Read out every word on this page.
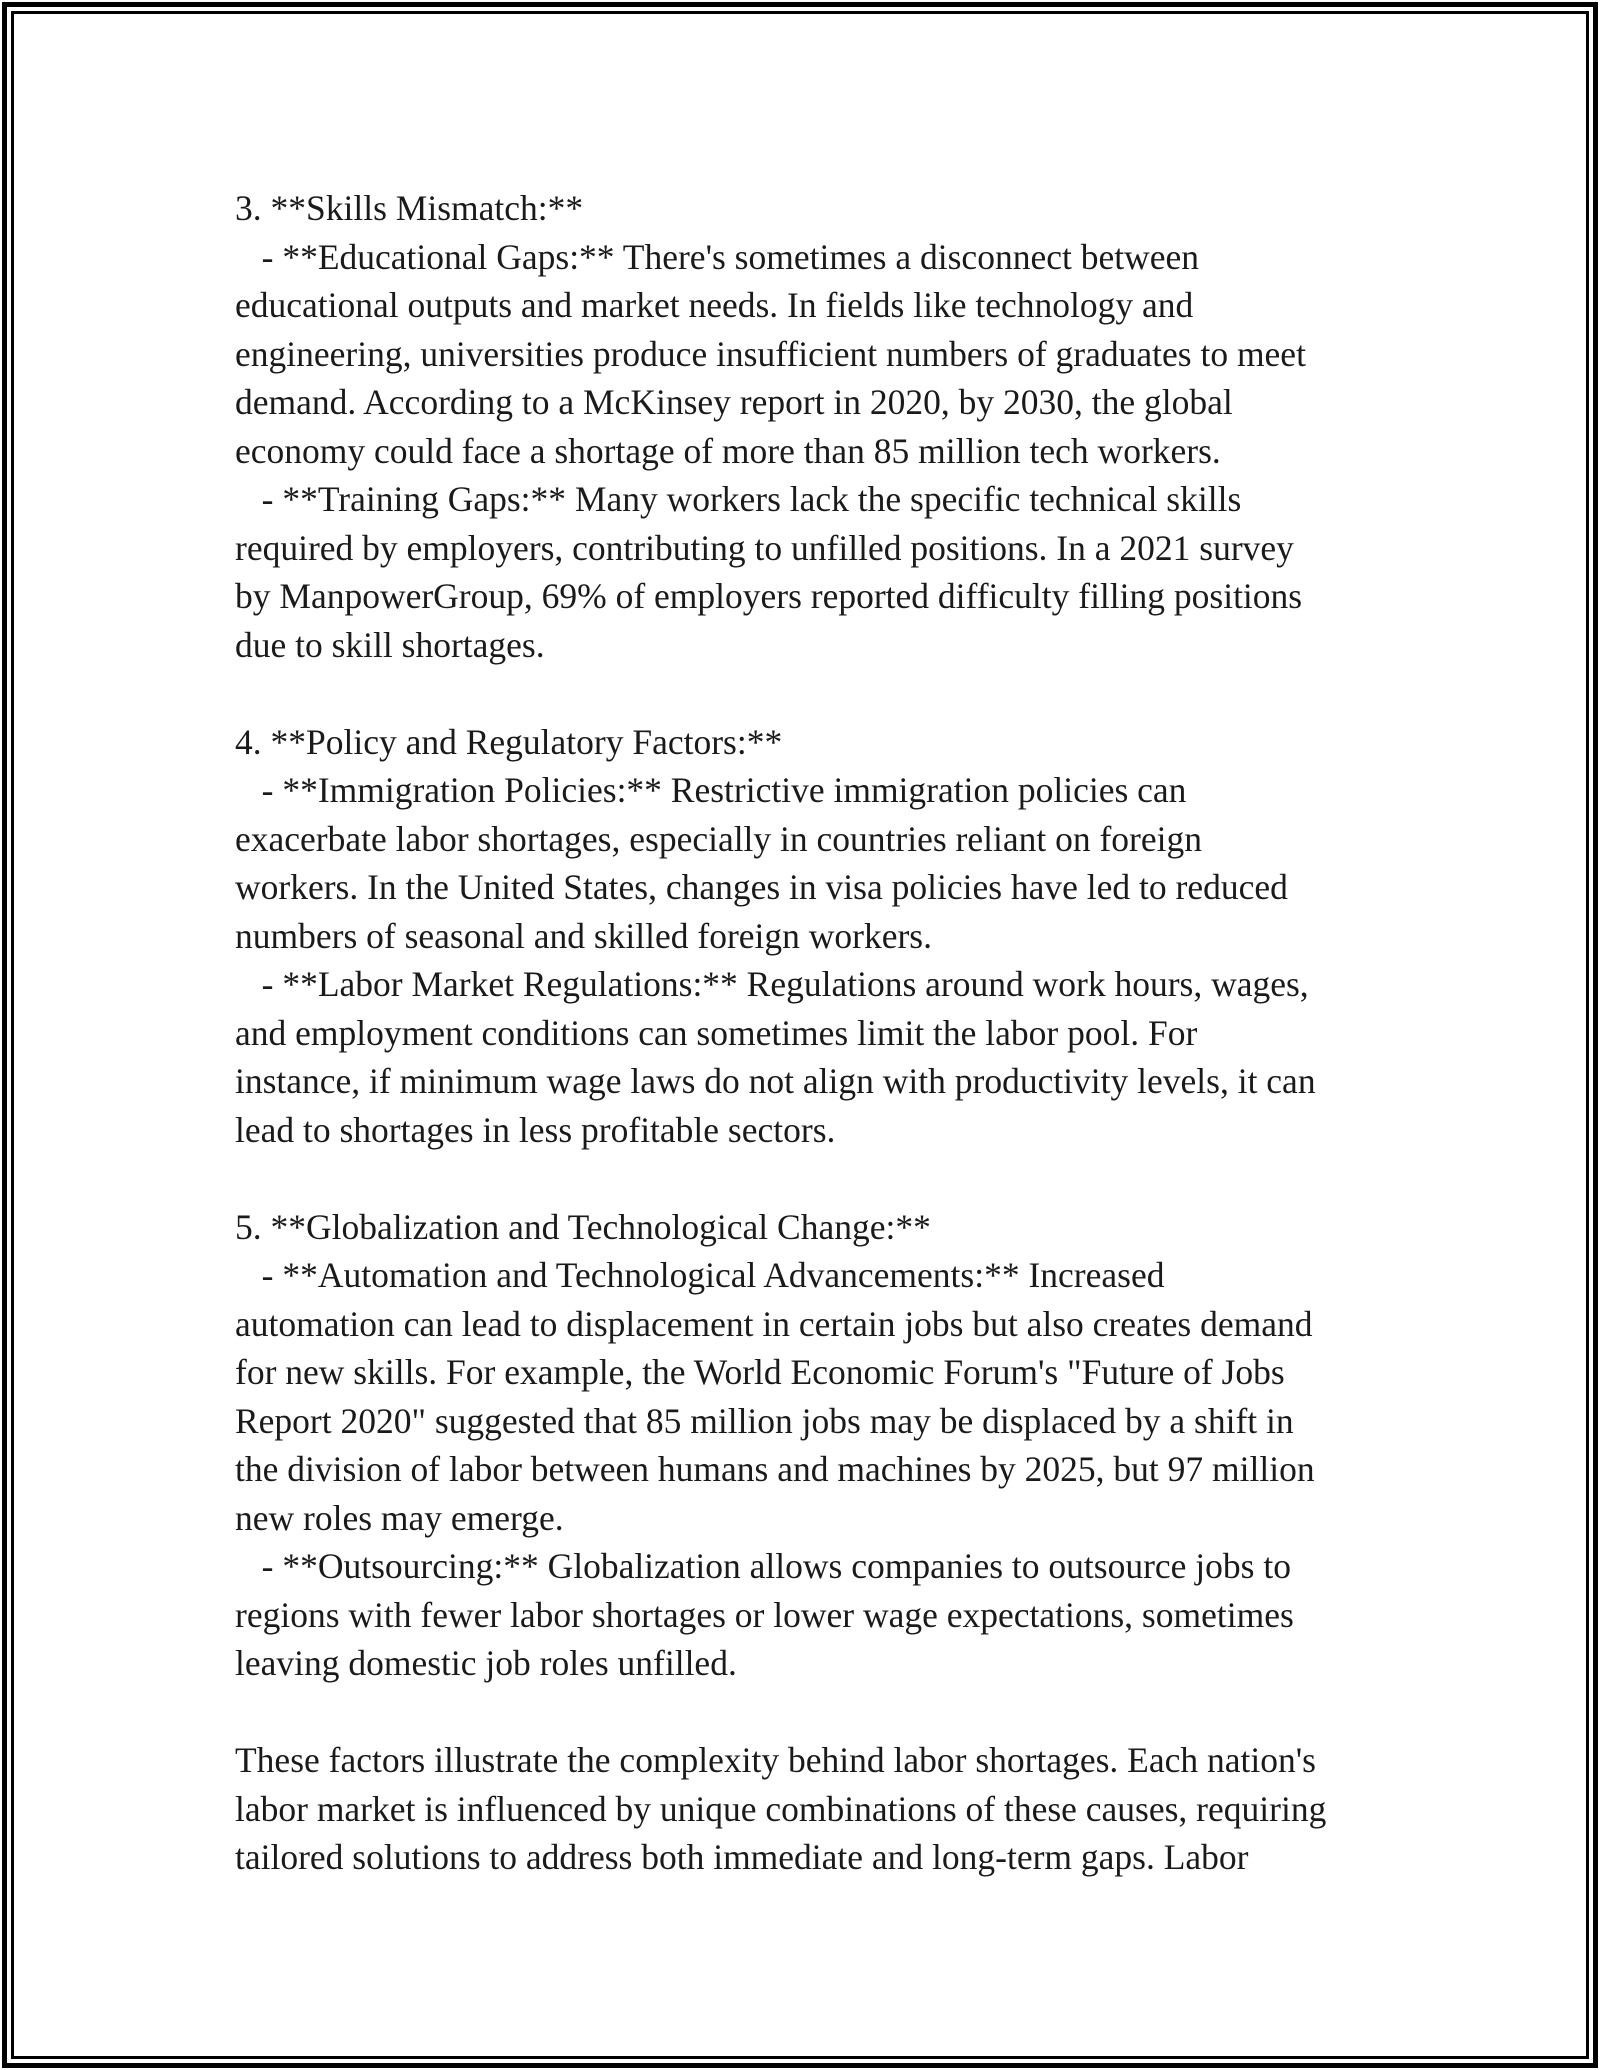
3. **Skills Mismatch:**
- **Educational Gaps:** There's sometimes a disconnect between
educational outputs and market needs. In fields like technology and
engineering, universities produce insufficient numbers of graduates to meet
demand. According to a McKinsey report in 2020, by 2030, the global
economy could face a shortage of more than 85 million tech workers.
- **Training Gaps:** Many workers lack the specific technical skills
required by employers, contributing to unfilled positions. In a 2021 survey
by ManpowerGroup, 69% of employers reported difficulty filling positions
due to skill shortages.
4. **Policy and Regulatory Factors:**
- **Immigration Policies:** Restrictive immigration policies can
exacerbate labor shortages, especially in countries reliant on foreign
workers. In the United States, changes in visa policies have led to reduced
numbers of seasonal and skilled foreign workers.
- **Labor Market Regulations:** Regulations around work hours, wages,
and employment conditions can sometimes limit the labor pool. For
instance, if minimum wage laws do not align with productivity levels, it can
lead to shortages in less profitable sectors.
5. **Globalization and Technological Change:**
- **Automation and Technological Advancements:** Increased
automation can lead to displacement in certain jobs but also creates demand
for new skills. For example, the World Economic Forum's "Future of Jobs
Report 2020" suggested that 85 million jobs may be displaced by a shift in
the division of labor between humans and machines by 2025, but 97 million
new roles may emerge.
- **Outsourcing:** Globalization allows companies to outsource jobs to
regions with fewer labor shortages or lower wage expectations, sometimes
leaving domestic job roles unfilled.
These factors illustrate the complexity behind labor shortages. Each nation's
labor market is influenced by unique combinations of these causes, requiring
tailored solutions to address both immediate and long-term gaps. Labor
